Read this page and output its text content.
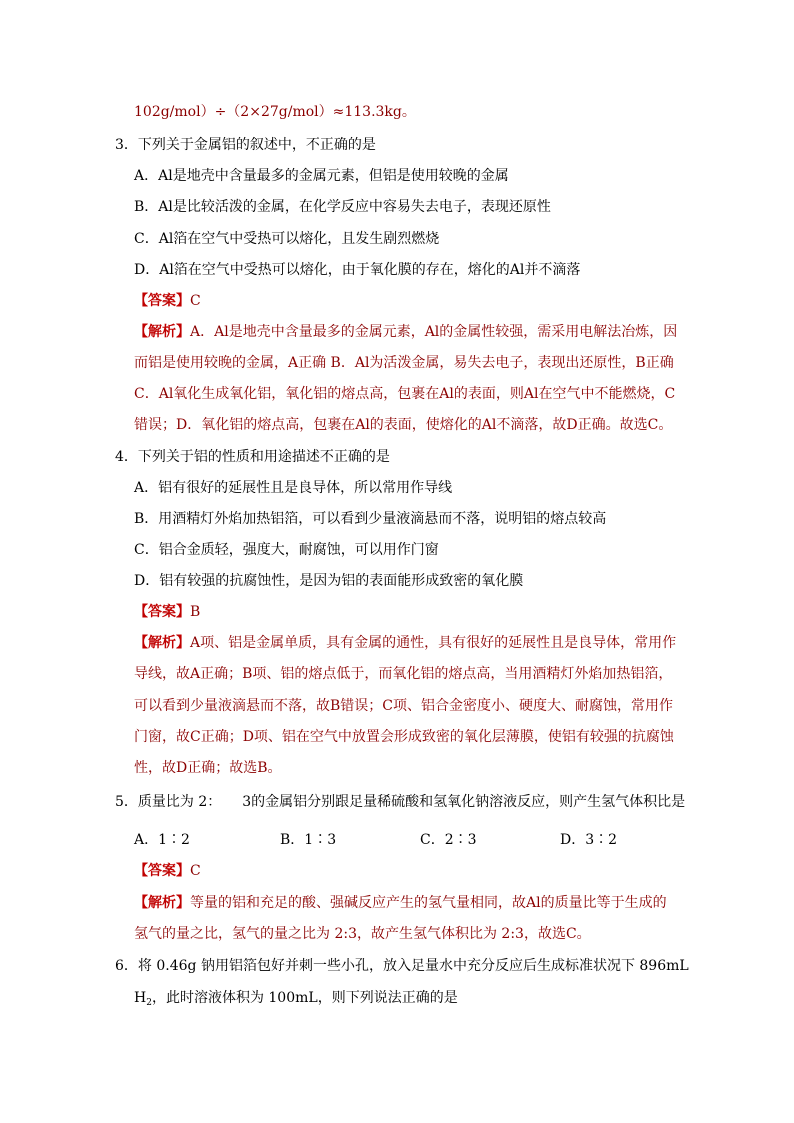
102g/mol）÷（2×27g/mol）≈113.3kg。
3．下列关于金属铝的叙述中，不正确的是
A．Al是地壳中含量最多的金属元素，但铝是使用较晚的金属
B．Al是比较活泼的金属，在化学反应中容易失去电子，表现还原性
C．Al箔在空气中受热可以熔化，且发生剧烈燃烧
D．Al箔在空气中受热可以熔化，由于氧化膜的存在，熔化的Al并不滴落
【答案】C
【解析】A．Al是地壳中含量最多的金属元素，Al的金属性较强，需采用电解法冶炼，因
而铝是使用较晚的金属，A正确 B．Al为活泼金属，易失去电子，表现出还原性，B正确
C．Al氧化生成氧化铝，氧化铝的熔点高，包裹在Al的表面，则Al在空气中不能燃烧，C
错误；D．氧化铝的熔点高，包裹在Al的表面，使熔化的Al不滴落，故D正确。故选C。
4．下列关于铝的性质和用途描述不正确的是
A．铝有很好的延展性且是良导体，所以常用作导线
B．用酒精灯外焰加热铝箔，可以看到少量液滴悬而不落，说明铝的熔点较高
C．铝合金质轻，强度大，耐腐蚀，可以用作门窗
D．铝有较强的抗腐蚀性，是因为铝的表面能形成致密的氧化膜
【答案】B
【解析】A项、铝是金属单质，具有金属的通性，具有很好的延展性且是良导体，常用作
导线，故A正确；B项、铝的熔点低于，而氧化铝的熔点高，当用酒精灯外焰加热铝箔，
可以看到少量液滴悬而不落，故B错误；C项、铝合金密度小、硬度大、耐腐蚀，常用作
门窗，故C正确；D项、铝在空气中放置会形成致密的氧化层薄膜，使铝有较强的抗腐蚀
性，故D正确；故选B。
5．质量比为 2：　　3的金属铝分别跟足量稀硫酸和氢氧化钠溶液反应，则产生氢气体积比是
A．1∶2	B．1∶3	C．2∶3	D．3∶2
【答案】C
【解析】等量的铝和充足的酸、强碱反应产生的氢气量相同，故Al的质量比等于生成的
氢气的量之比，氢气的量之比为 2:3，故产生氢气体积比为 2:3，故选C。
6．将 0.46g 钠用铝箔包好并刺一些小孔，放入足量水中充分反应后生成标准状况下 896mL
$H_2$，此时溶液体积为 100mL，则下列说法正确的是
